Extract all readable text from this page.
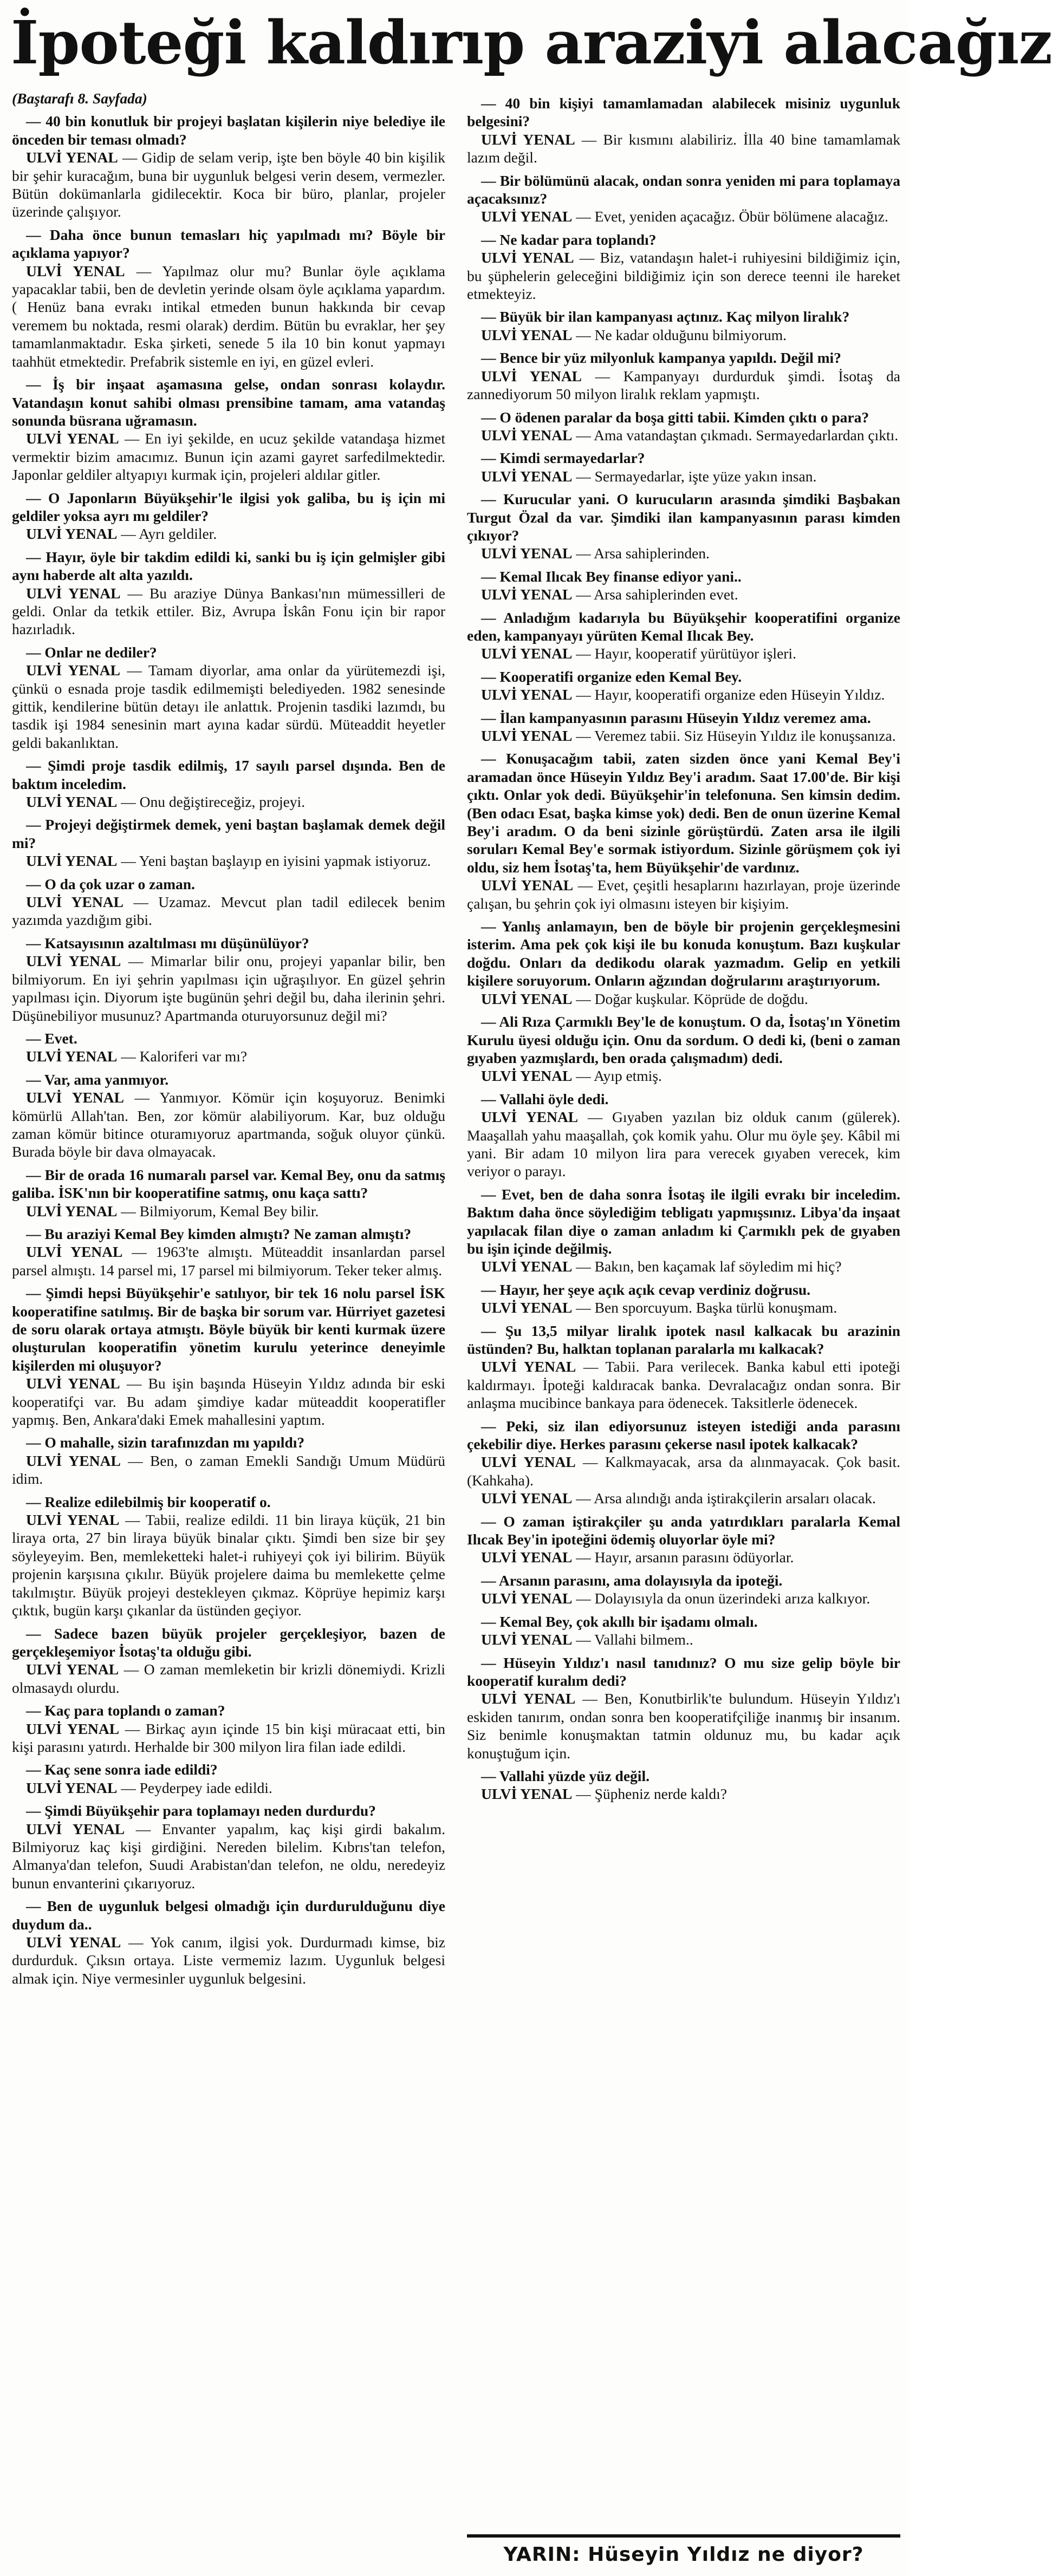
İpoteği kaldırıp araziyi alacağız

(Baştarafı 8. Sayfada)

— 40 bin konutluk bir projeyi başlatan kişilerin niye belediye ile önceden bir teması olmadı?

ULVİ YENAL — Gidip de selam verip, işte ben böyle 40 bin kişilik bir şehir kuracağım, buna bir uygunluk belgesi verin desem, vermezler. Bütün dokümanlarla gidilecektir. Koca bir büro, planlar, projeler üzerinde çalışıyor.

— Daha önce bunun temasları hiç yapılmadı mı? Böyle bir açıklama yapıyor?

ULVİ YENAL — Yapılmaz olur mu? Bunlar öyle açıklama yapacaklar tabii, ben de devletin yerinde olsam öyle açıklama yapardım.( Henüz bana evrakı intikal etmeden bunun hakkında bir cevap veremem bu noktada, resmi olarak) derdim. Bütün bu evraklar, her şey tamamlanmaktadır. Eska şirketi, senede 5 ila 10 bin konut yapmayı taahhüt etmektedir. Prefabrik sistemle en iyi, en güzel evleri.

— İş bir inşaat aşamasına gelse, ondan sonrası kolaydır. Vatandaşın konut sahibi olması prensibine tamam, ama vatandaş sonunda büsrana uğramasın.

ULVİ YENAL — En iyi şekilde, en ucuz şekilde vatandaşa hizmet vermektir bizim amacımız. Bunun için azami gayret sarfedilmektedir. Japonlar geldiler altyapıyı kurmak için, projeleri aldılar gitler.

— O Japonların Büyükşehir'le ilgisi yok galiba, bu iş için mi geldiler yoksa ayrı mı geldiler?

ULVİ YENAL — Ayrı geldiler.

— Hayır, öyle bir takdim edildi ki, sanki bu iş için gelmişler gibi aynı haberde alt alta yazıldı.

ULVİ YENAL — Bu araziye Dünya Bankası'nın mümessilleri de geldi. Onlar da tetkik ettiler. Biz, Avrupa İskân Fonu için bir rapor hazırladık.

— Onlar ne dediler?

ULVİ YENAL — Tamam diyorlar, ama onlar da yürütemezdi işi, çünkü o esnada proje tasdik edilmemişti belediyeden. 1982 senesinde gittik, kendilerine bütün detayı ile anlattık. Projenin tasdiki lazımdı, bu tasdik işi 1984 senesinin mart ayına kadar sürdü. Müteaddit heyetler geldi bakanlıktan.

— Şimdi proje tasdik edilmiş, 17 sayılı parsel dışında. Ben de baktım inceledim.

ULVİ YENAL — Onu değiştireceğiz, projeyi.

— Projeyi değiştirmek demek, yeni baştan başlamak demek değil mi?

ULVİ YENAL — Yeni baştan başlayıp en iyisini yapmak istiyoruz.

— O da çok uzar o zaman.

ULVİ YENAL — Uzamaz. Mevcut plan tadil edilecek benim yazımda yazdığım gibi.

— Katsayısının azaltılması mı düşünülüyor?

ULVİ YENAL — Mimarlar bilir onu, projeyi yapanlar bilir, ben bilmiyorum. En iyi şehrin yapılması için uğraşılıyor. En güzel şehrin yapılması için. Diyorum işte bugünün şehri değil bu, daha ilerinin şehri. Düşünebiliyor musunuz? Apartmanda oturuyorsunuz değil mi?

— Evet.

ULVİ YENAL — Kaloriferi var mı?

— Var, ama yanmıyor.

ULVİ YENAL — Yanmıyor. Kömür için koşuyoruz. Benimki kömürlü Allah'tan. Ben, zor kömür alabiliyorum. Kar, buz olduğu zaman kömür bitince oturamıyoruz apartmanda, soğuk oluyor çünkü. Burada böyle bir dava olmayacak.

— Bir de orada 16 numaralı parsel var. Kemal Bey, onu da satmış galiba. İSK'nın bir kooperatifine satmış, onu kaça sattı?

ULVİ YENAL — Bilmiyorum, Kemal Bey bilir.

— Bu araziyi Kemal Bey kimden almıştı? Ne zaman almıştı?

ULVİ YENAL — 1963'te almıştı. Müteaddit insanlardan parsel parsel almıştı. 14 parsel mi, 17 parsel mi bilmiyorum. Teker teker almış.

— Şimdi hepsi Büyükşehir'e satılıyor, bir tek 16 nolu parsel İSK kooperatifine satılmış. Bir de başka bir sorum var. Hürriyet gazetesi de soru olarak ortaya atmıştı. Böyle büyük bir kenti kurmak üzere oluşturulan kooperatifin yönetim kurulu yeterince deneyimle kişilerden mi oluşuyor?

ULVİ YENAL — Bu işin başında Hüseyin Yıldız adında bir eski kooperatifçi var. Bu adam şimdiye kadar müteaddit kooperatifler yapmış. Ben, Ankara'daki Emek mahallesini yaptım.

— O mahalle, sizin tarafınızdan mı yapıldı?

ULVİ YENAL — Ben, o zaman Emekli Sandığı Umum Müdürü idim.

— Realize edilebilmiş bir kooperatif o.

ULVİ YENAL — Tabii, realize edildi. 11 bin liraya küçük, 21 bin liraya orta, 27 bin liraya büyük binalar çıktı. Şimdi ben size bir şey söyleyeyim. Ben, memleketteki halet-i ruhiyeyi çok iyi bilirim. Büyük projenin karşısına çıkılır. Büyük projelere daima bu memlekette çelme takılmıştır. Büyük projeyi destekleyen çıkmaz. Köprüye hepimiz karşı çıktık, bugün karşı çıkanlar da üstünden geçiyor.

— Sadece bazen büyük projeler gerçekleşiyor, bazen de gerçekleşemiyor İsotaş'ta olduğu gibi.

ULVİ YENAL — O zaman memleketin bir krizli dönemiydi. Krizli olmasaydı olurdu.

— Kaç para toplandı o zaman?

ULVİ YENAL — Birkaç ayın içinde 15 bin kişi müracaat etti, bin kişi parasını yatırdı. Herhalde bir 300 milyon lira filan iade edildi.

— Kaç sene sonra iade edildi?

ULVİ YENAL — Peyderpey iade edildi.

— Şimdi Büyükşehir para toplamayı neden durdurdu?

ULVİ YENAL — Envanter yapalım, kaç kişi girdi bakalım. Bilmiyoruz kaç kişi girdiğini. Nereden bilelim. Kıbrıs'tan telefon, Almanya'dan telefon, Suudi Arabistan'dan telefon, ne oldu, neredeyiz bunun envanterini çıkarıyoruz.

— Ben de uygunluk belgesi olmadığı için durdurulduğunu diye duydum da..

ULVİ YENAL — Yok canım, ilgisi yok. Durdurmadı kimse, biz durdurduk. Çıksın ortaya. Liste vermemiz lazım. Uygunluk belgesi almak için. Niye vermesinler uygunluk belgesini.

— 40 bin kişiyi tamamlamadan alabilecek misiniz uygunluk belgesini?

ULVİ YENAL — Bir kısmını alabiliriz. İlla 40 bine tamamlamak lazım değil.

— Bir bölümünü alacak, ondan sonra yeniden mi para toplamaya açacaksınız?

ULVİ YENAL — Evet, yeniden açacağız. Öbür bölümene alacağız.

— Ne kadar para toplandı?

ULVİ YENAL — Biz, vatandaşın halet-i ruhiyesini bildiğimiz için, bu şüphelerin geleceğini bildiğimiz için son derece teenni ile hareket etmekteyiz.

— Büyük bir ilan kampanyası açtınız. Kaç milyon liralık?

ULVİ YENAL — Ne kadar olduğunu bilmiyorum.

— Bence bir yüz milyonluk kampanya yapıldı. Değil mi?

ULVİ YENAL — Kampanyayı durdurduk şimdi. İsotaş da zannediyorum 50 milyon liralık reklam yapmıştı.

— O ödenen paralar da boşa gitti tabii. Kimden çıktı o para?

ULVİ YENAL — Ama vatandaştan çıkmadı. Sermayedarlardan çıktı.

— Kimdi sermayedarlar?

ULVİ YENAL — Sermayedarlar, işte yüze yakın insan.

— Kurucular yani. O kurucuların arasında şimdiki Başbakan Turgut Özal da var. Şimdiki ilan kampanyasının parası kimden çıkıyor?

ULVİ YENAL — Arsa sahiplerinden.

— Kemal Ilıcak Bey finanse ediyor yani..

ULVİ YENAL — Arsa sahiplerinden evet.

— Anladığım kadarıyla bu Büyükşehir kooperatifini organize eden, kampanyayı yürüten Kemal Ilıcak Bey.

ULVİ YENAL — Hayır, kooperatif yürütüyor işleri.

— Kooperatifi organize eden Kemal Bey.

ULVİ YENAL — Hayır, kooperatifi organize eden Hüseyin Yıldız.

— İlan kampanyasının parasını Hüseyin Yıldız veremez ama.

ULVİ YENAL — Veremez tabii. Siz Hüseyin Yıldız ile konuşsanıza.

— Konuşacağım tabii, zaten sizden önce yani Kemal Bey'i aramadan önce Hüseyin Yıldız Bey'i aradım. Saat 17.00'de. Bir kişi çıktı. Onlar yok dedi. Büyükşehir'in telefonuna. Sen kimsin dedim. (Ben odacı Esat, başka kimse yok) dedi. Ben de onun üzerine Kemal Bey'i aradım. O da beni sizinle görüştürdü. Zaten arsa ile ilgili soruları Kemal Bey'e sormak istiyordum. Sizinle görüşmem çok iyi oldu, siz hem İsotaş'ta, hem Büyükşehir'de vardınız.

ULVİ YENAL — Evet, çeşitli hesaplarını hazırlayan, proje üzerinde çalışan, bu şehrin çok iyi olmasını isteyen bir kişiyim.

— Yanlış anlamayın, ben de böyle bir projenin gerçekleşmesini isterim. Ama pek çok kişi ile bu konuda konuştum. Bazı kuşkular doğdu. Onları da dedikodu olarak yazmadım. Gelip en yetkili kişilere soruyorum. Onların ağzından doğrularını araştırıyorum.

ULVİ YENAL — Doğar kuşkular. Köprüde de doğdu.

— Ali Rıza Çarmıklı Bey'le de konuştum. O da, İsotaş'ın Yönetim Kurulu üyesi olduğu için. Onu da sordum. O dedi ki, (beni o zaman gıyaben yazmışlardı, ben orada çalışmadım) dedi.

ULVİ YENAL — Ayıp etmiş.

— Vallahi öyle dedi.

ULVİ YENAL — Gıyaben yazılan biz olduk canım (gülerek). Maaşallah yahu maaşallah, çok komik yahu. Olur mu öyle şey. Kâbil mi yani. Bir adam 10 milyon lira para verecek gıyaben verecek, kim veriyor o parayı.

— Evet, ben de daha sonra İsotaş ile ilgili evrakı bir inceledim. Baktım daha önce söylediğim tebligatı yapmışsınız. Libya'da inşaat yapılacak filan diye o zaman anladım ki Çarmıklı pek de gıyaben bu işin içinde değilmiş.

ULVİ YENAL — Bakın, ben kaçamak laf söyledim mi hiç?

— Hayır, her şeye açık açık cevap verdiniz doğrusu.

ULVİ YENAL — Ben sporcuyum. Başka türlü konuşmam.

— Şu 13,5 milyar liralık ipotek nasıl kalkacak bu arazinin üstünden? Bu, halktan toplanan paralarla mı kalkacak?

ULVİ YENAL — Tabii. Para verilecek. Banka kabul etti ipoteği kaldırmayı. İpoteği kaldıracak banka. Devralacağız ondan sonra. Bir anlaşma mucibince bankaya para ödenecek. Taksitlerle ödenecek.

— Peki, siz ilan ediyorsunuz isteyen istediği anda parasını çekebilir diye. Herkes parasını çekerse nasıl ipotek kalkacak?

ULVİ YENAL — Kalkmayacak, arsa da alınmayacak. Çok basit. (Kahkaha).

ULVİ YENAL — Arsa alındığı anda iştirakçilerin arsaları olacak.

— O zaman iştirakçiler şu anda yatırdıkları paralarla Kemal Ilıcak Bey'in ipoteğini ödemiş oluyorlar öyle mi?

ULVİ YENAL — Hayır, arsanın parasını ödüyorlar.

— Arsanın parasını, ama dolayısıyla da ipoteği.

ULVİ YENAL — Dolayısıyla da onun üzerindeki arıza kalkıyor.

— Kemal Bey, çok akıllı bir işadamı olmalı.

ULVİ YENAL — Vallahi bilmem..

— Hüseyin Yıldız'ı nasıl tanıdınız? O mu size gelip böyle bir kooperatif kuralım dedi?

ULVİ YENAL — Ben, Konutbirlik'te bulundum. Hüseyin Yıldız'ı eskiden tanırım, ondan sonra ben kooperatifçiliğe inanmış bir insanım. Siz benimle konuşmaktan tatmin oldunuz mu, bu kadar açık konuştuğum için.

— Vallahi yüzde yüz değil.

ULVİ YENAL — Şüpheniz nerde kaldı?

YARIN: Hüseyin Yıldız ne diyor?
